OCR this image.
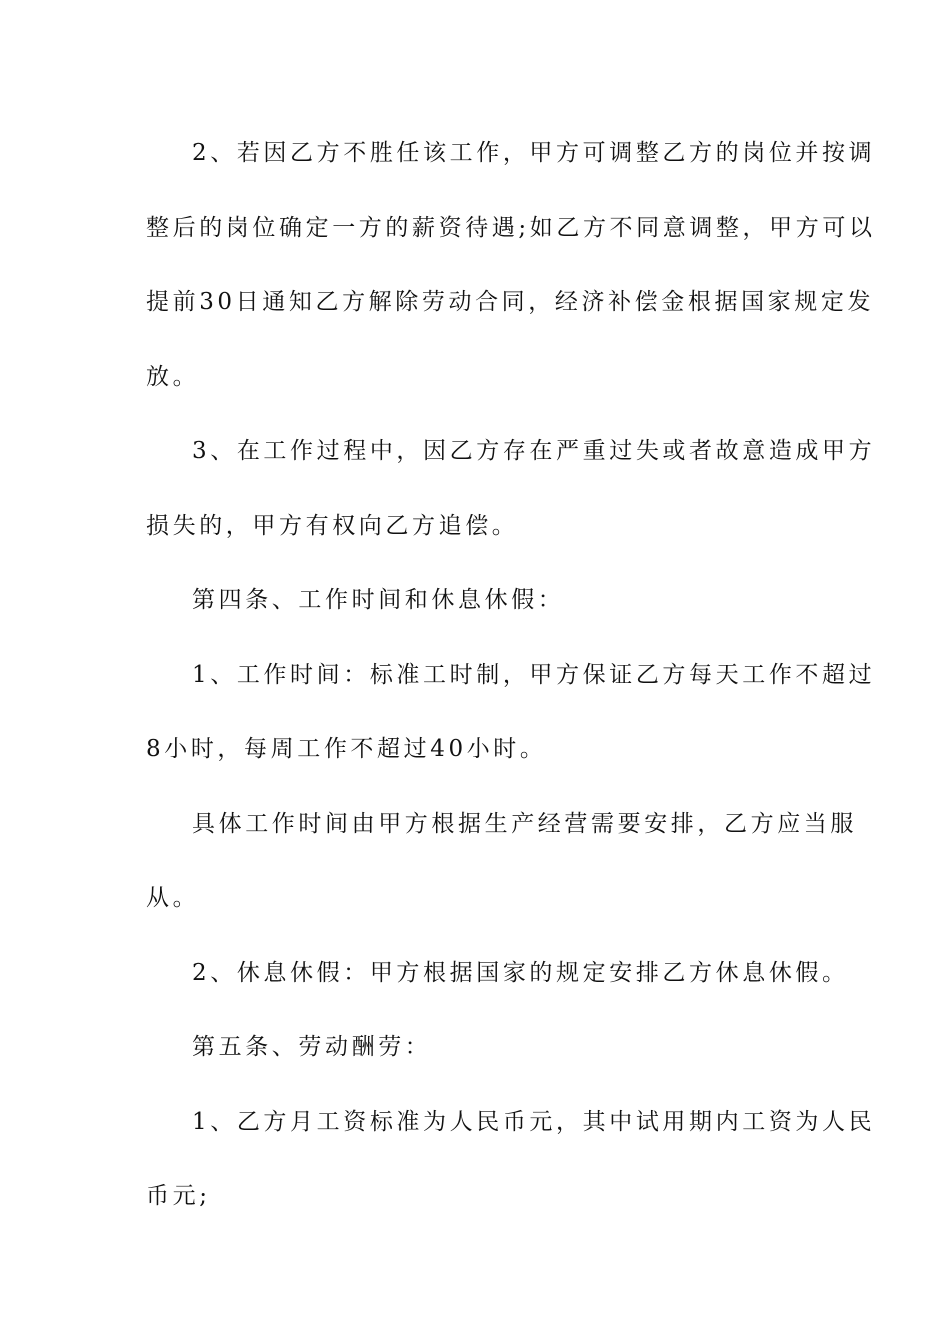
2、若因乙方不胜任该工作，甲方可调整乙方的岗位并按调

整后的岗位确定一方的薪资待遇;如乙方不同意调整，甲方可以

提前30日通知乙方解除劳动合同，经济补偿金根据国家规定发

放。

3、在工作过程中，因乙方存在严重过失或者故意造成甲方

损失的，甲方有权向乙方追偿。

第四条、工作时间和休息休假：

1、工作时间：标准工时制，甲方保证乙方每天工作不超过

8小时，每周工作不超过40小时。

具体工作时间由甲方根据生产经营需要安排，乙方应当服

从。

2、休息休假：甲方根据国家的规定安排乙方休息休假。

第五条、劳动酬劳：

1、乙方月工资标准为人民币元，其中试用期内工资为人民

币元;
